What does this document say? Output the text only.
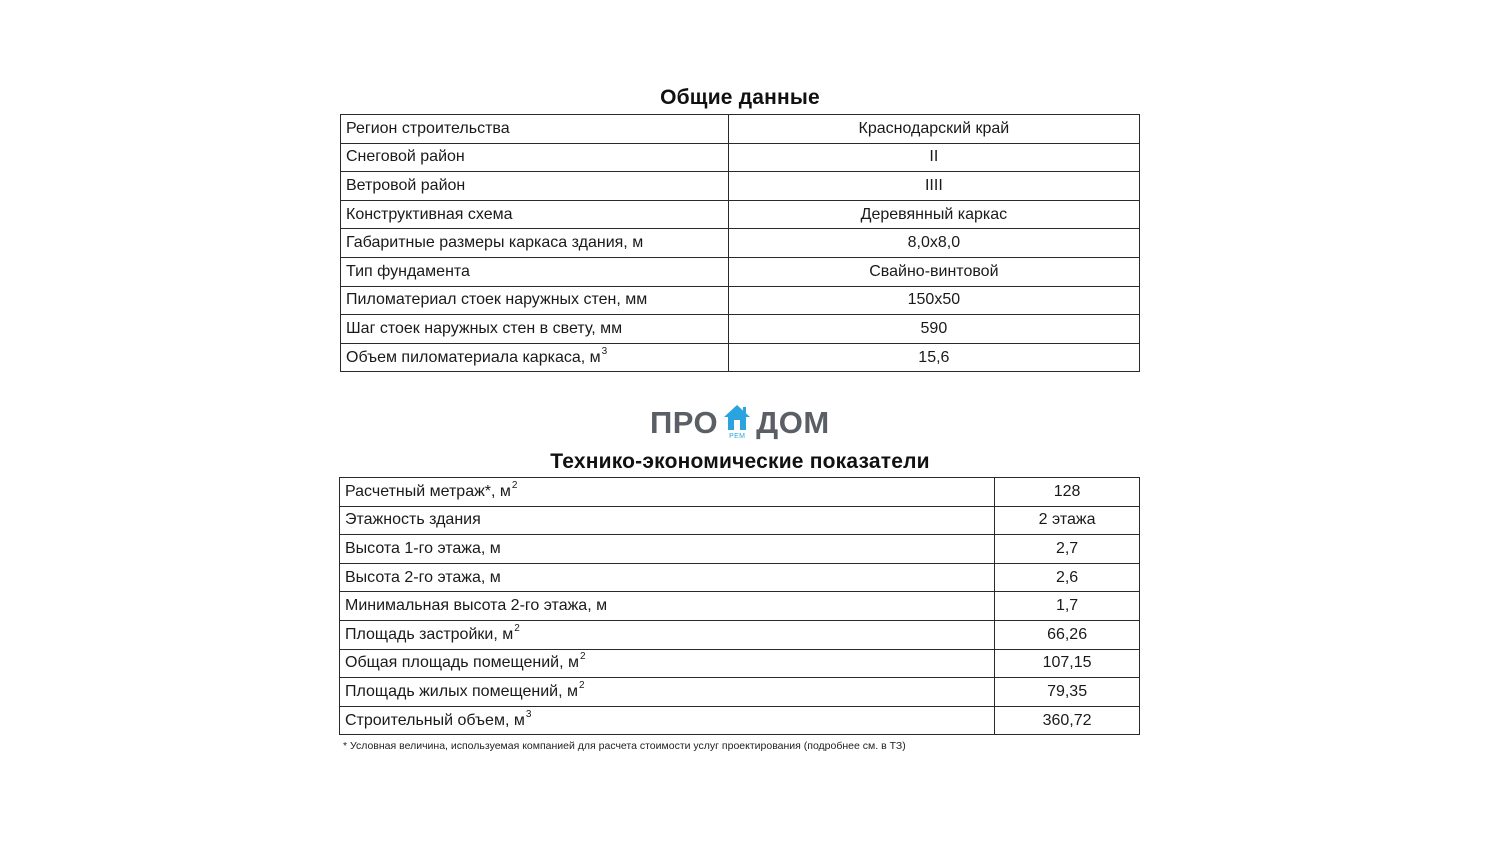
Общие данные
Регион строительства	Краснодарский край
Снеговой район	II
Ветровой район	IIII
Конструктивная схема	Деревянный каркас
Габаритные размеры каркаса здания, м	8,0x8,0
Тип фундамента	Свайно-винтовой
Пиломатериал стоек наружных стен, мм	150x50
Шаг стоек наружных стен в свету, мм	590
Объем пиломатериала каркаса, $м^3$	15,6
ПРО	РЕМ ДОМ
Технико-экономические показатели
Расчетный метраж*, $м^2$	128
Этажность здания	2 этажа
Высота 1-го этажа, м	2,7
Высота 2-го этажа, м	2,6
Минимальная высота 2-го этажа, м	1,7
Площадь застройки, $м^2$	66,26
Общая площадь помещений, $м^2$	107,15
Площадь жилых помещений, $м^2$	79,35
Строительный объем, $м^3$	360,72
* Условная величина, используемая компанией для расчета стоимости услуг проектирования (подробнее см. в ТЗ)
